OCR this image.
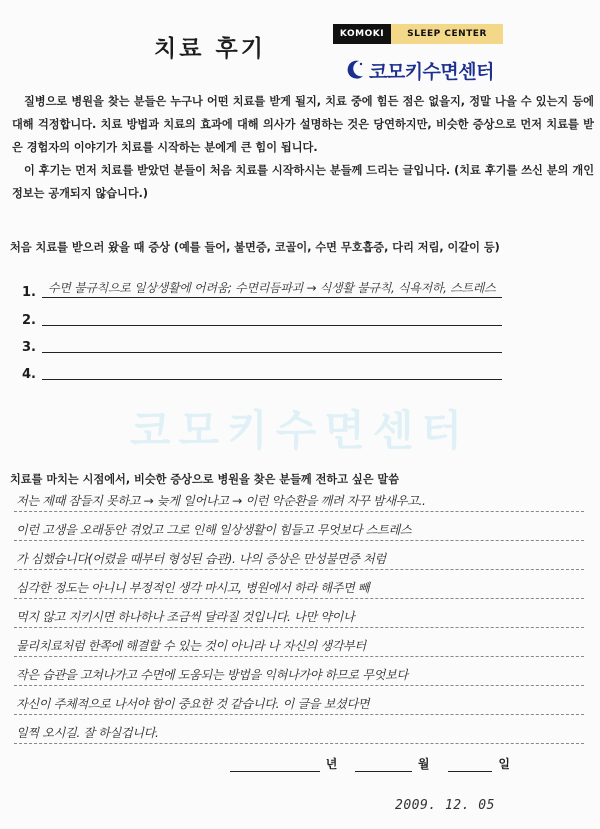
치료 후기
KOMOKI	SLEEP CENTER
코모키수면센터

질병으로 병원을 찾는 분들은 누구나 어떤 치료를 받게 될지, 치료 중에 힘든 점은 없을지, 정말 나을 수 있는지 등에 대해 걱정합니다. 치료 방법과 치료의 효과에 대해 의사가 설명하는 것은 당연하지만, 비슷한 증상으로 먼저 치료를 받은 경험자의 이야기가 치료를 시작하는 분에게 큰 힘이 됩니다.

이 후기는 먼저 치료를 받았던 분들이 처음 치료를 시작하시는 분들께 드리는 글입니다. (치료 후기를 쓰신 분의 개인 정보는 공개되지 않습니다.)

처음 치료를 받으러 왔을 때 증상 (예를 들어, 불면증, 코골이, 수면 무호흡증, 다리 저림, 이갈이 등)
1. 수면 불규칙으로 일상생활에 어려움; 수면리듬파괴 → 식생활 불규칙, 식욕저하, 스트레스
2.
3.
4.
코모키수면센터
치료를 마치는 시점에서, 비슷한 증상으로 병원을 찾은 분들께 전하고 싶은 말씀
저는 제때 잠들지 못하고 → 늦게 일어나고 → 이런 악순환을 깨려 자꾸 밤새우고..
이런 고생을 오래동안 겪었고 그로 인해 일상생활이 힘들고 무엇보다 스트레스
가 심했습니다(어렸을 때부터 형성된 습관). 나의 증상은 만성불면증 처럼
심각한 정도는 아니니 부정적인 생각 마시고, 병원에서 하라 해주면 빼
먹지 않고 지키시면 하나하나 조금씩 달라질 것입니다. 나만 약이나
물리치료처럼 한쪽에 해결할 수 있는 것이 아니라 나 자신의 생각부터
작은 습관을 고쳐나가고 수면에 도움되는 방법을 익혀나가야 하므로 무엇보다
자신이 주체적으로 나서야 함이 중요한 것 같습니다. 이 글을 보셨다면
일찍 오시길. 잘 하실겁니다.
년	월	일
2009. 12. 05
